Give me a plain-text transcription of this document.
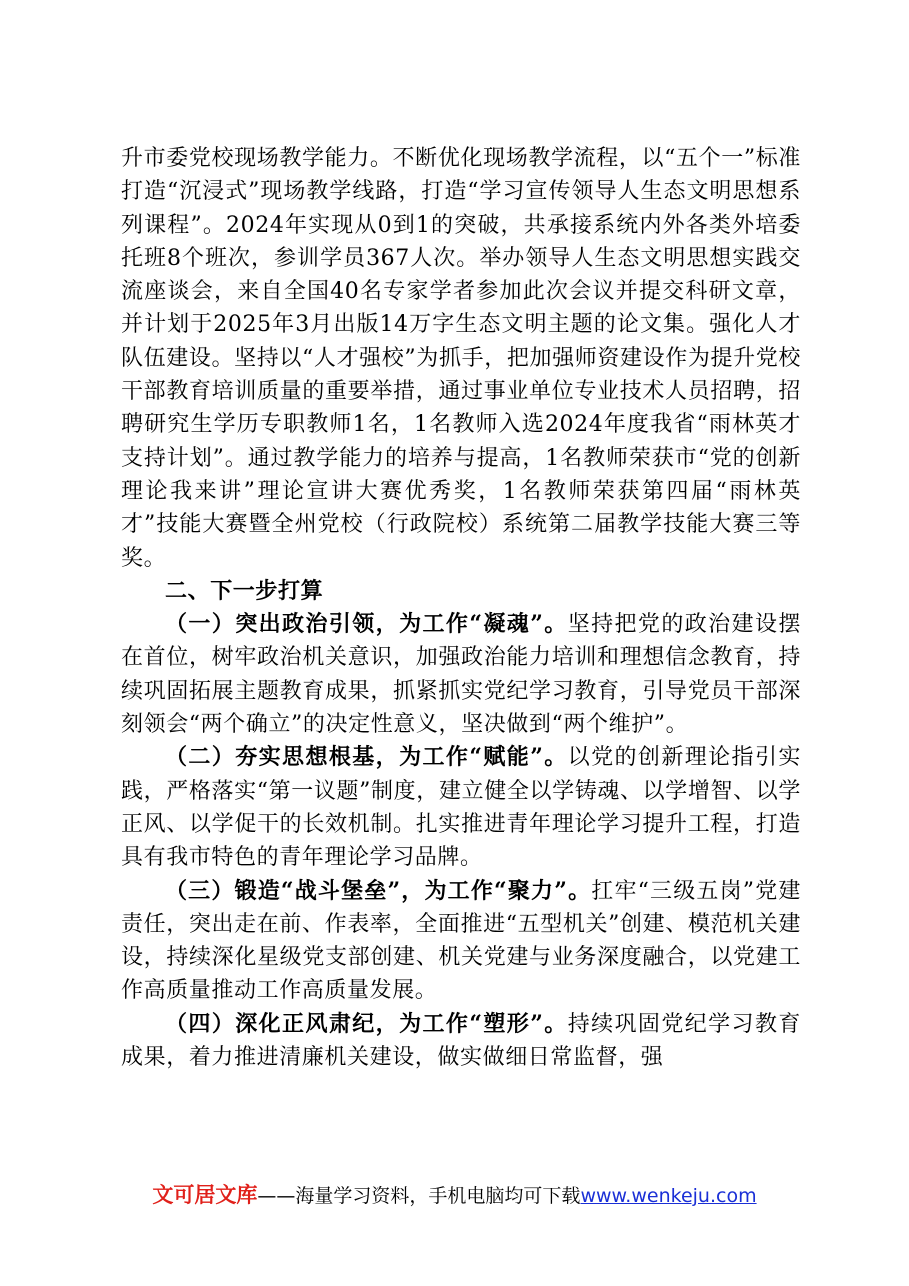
升市委党校现场教学能力。不断优化现场教学流程，以“五个一”标准打造“沉浸式”现场教学线路，打造“学习宣传领导人生态文明思想系列课程”。2024年实现从0到1的突破，共承接系统内外各类外培委托班8个班次，参训学员367人次。举办领导人生态文明思想实践交流座谈会，来自全国40名专家学者参加此次会议并提交科研文章，并计划于2025年3月出版14万字生态文明主题的论文集。强化人才队伍建设。坚持以“人才强校”为抓手，把加强师资建设作为提升党校干部教育培训质量的重要举措，通过事业单位专业技术人员招聘，招聘研究生学历专职教师1名，1名教师入选2024年度我省“雨林英才支持计划”。通过教学能力的培养与提高，1名教师荣获市“党的创新理论我来讲”理论宣讲大赛优秀奖，1名教师荣获第四届“雨林英才”技能大赛暨全州党校（行政院校）系统第二届教学技能大赛三等奖。

二、下一步打算

（一）突出政治引领，为工作“凝魂”。坚持把党的政治建设摆在首位，树牢政治机关意识，加强政治能力培训和理想信念教育，持续巩固拓展主题教育成果，抓紧抓实党纪学习教育，引导党员干部深刻领会“两个确立”的决定性意义，坚决做到“两个维护”。

（二）夯实思想根基，为工作“赋能”。以党的创新理论指引实践，严格落实“第一议题”制度，建立健全以学铸魂、以学增智、以学正风、以学促干的长效机制。扎实推进青年理论学习提升工程，打造具有我市特色的青年理论学习品牌。

（三）锻造“战斗堡垒”，为工作“聚力”。扛牢“三级五岗”党建责任，突出走在前、作表率，全面推进“五型机关”创建、模范机关建设，持续深化星级党支部创建、机关党建与业务深度融合，以党建工作高质量推动工作高质量发展。

（四）深化正风肃纪，为工作“塑形”。持续巩固党纪学习教育成果，着力推进清廉机关建设，做实做细日常监督，强

文可居文库——海量学习资料，手机电脑均可下载www.wenkeju.com
